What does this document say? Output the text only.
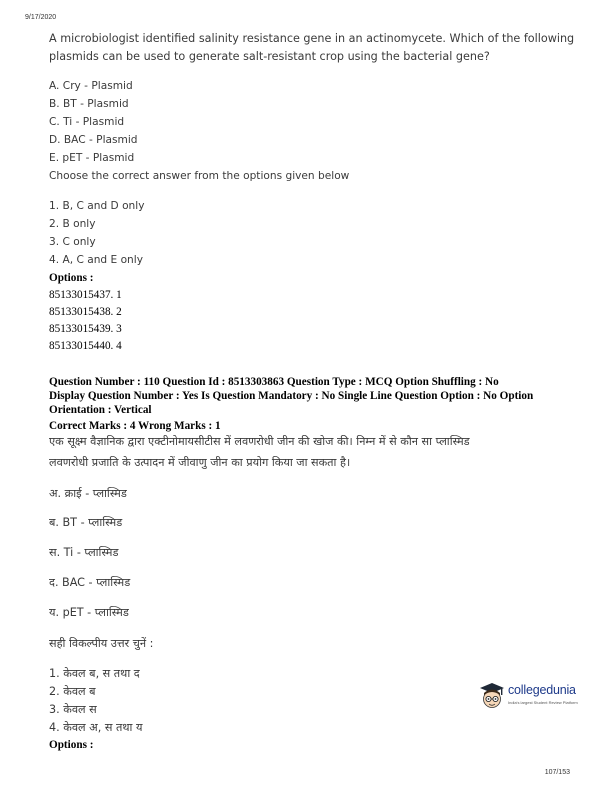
9/17/2020
A microbiologist identified salinity resistance gene in an actinomycete. Which of the following
plasmids can be used to generate salt-resistant crop using the bacterial gene?
A. Cry - Plasmid
B. BT - Plasmid
C. Ti - Plasmid
D. BAC - Plasmid
E. pET - Plasmid
Choose the correct answer from the options given below
1. B, C and D only
2. B only
3. C only
4. A, C and E only
Options :
85133015437. 1
85133015438. 2
85133015439. 3
85133015440. 4
Question Number : 110 Question Id : 8513303863 Question Type : MCQ Option Shuffling : No
Display Question Number : Yes Is Question Mandatory : No Single Line Question Option : No Option
Orientation : Vertical
Correct Marks : 4 Wrong Marks : 1
एक सूक्ष्म वैज्ञानिक द्वारा एक्टीनोमायसीटीस में लवणरोधी जीन की खोज की। निम्न में से कौन सा प्लास्मिड
लवणरोधी प्रजाति के उत्पादन में जीवाणु जीन का प्रयोग किया जा सकता है।
अ. क्राई - प्लास्मिड
ब. BT - प्लास्मिड
स. Ti - प्लास्मिड
द. BAC - प्लास्मिड
य. pET - प्लास्मिड
सही विकल्पीय उत्तर चुनें :
1. केवल ब, स तथा द
2. केवल ब
3. केवल स
4. केवल अ, स तथा य
Options :
collegedunia
India's largest Student Review Platform
107/153
